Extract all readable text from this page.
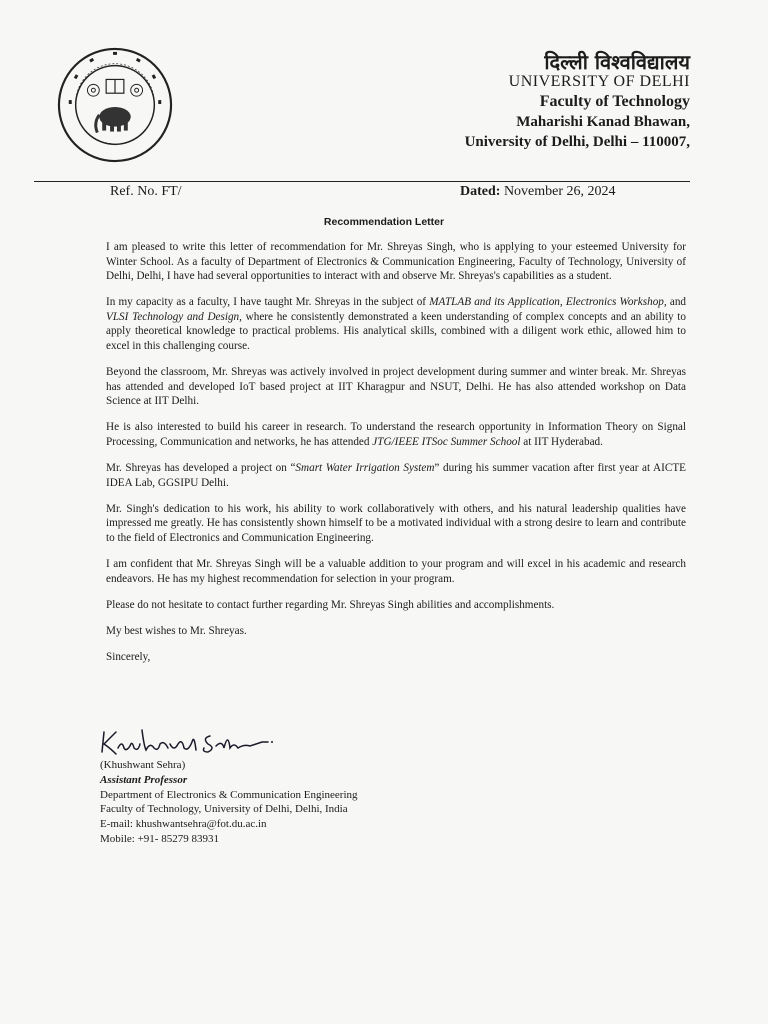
दिल्ली विश्वविद्यालय
UNIVERSITY OF DELHI
Faculty of Technology
Maharishi Kanad Bhawan,
University of Delhi, Delhi – 110007,
Ref. No. FT/	Dated: November 26, 2024
Recommendation Letter

I am pleased to write this letter of recommendation for Mr. Shreyas Singh, who is applying to your esteemed University for Winter School. As a faculty of Department of Electronics & Communication Engineering, Faculty of Technology, University of Delhi, Delhi, I have had several opportunities to interact with and observe Mr. Shreyas's capabilities as a student.

In my capacity as a faculty, I have taught Mr. Shreyas in the subject of MATLAB and its Application, Electronics Workshop, and VLSI Technology and Design, where he consistently demonstrated a keen understanding of complex concepts and an ability to apply theoretical knowledge to practical problems. His analytical skills, combined with a diligent work ethic, allowed him to excel in this challenging course.

Beyond the classroom, Mr. Shreyas was actively involved in project development during summer and winter break. Mr. Shreyas has attended and developed IoT based project at IIT Kharagpur and NSUT, Delhi. He has also attended workshop on Data Science at IIT Delhi.

He is also interested to build his career in research. To understand the research opportunity in Information Theory on Signal Processing, Communication and networks, he has attended JTG/IEEE ITSoc Summer School at IIT Hyderabad.

Mr. Shreyas has developed a project on “Smart Water Irrigation System” during his summer vacation after first year at AICTE IDEA Lab, GGSIPU Delhi.

Mr. Singh's dedication to his work, his ability to work collaboratively with others, and his natural leadership qualities have impressed me greatly. He has consistently shown himself to be a motivated individual with a strong desire to learn and contribute to the field of Electronics and Communication Engineering.

I am confident that Mr. Shreyas Singh will be a valuable addition to your program and will excel in his academic and research endeavors. He has my highest recommendation for selection in your program.

Please do not hesitate to contact further regarding Mr. Shreyas Singh abilities and accomplishments.

My best wishes to Mr. Shreyas.

Sincerely,

(Khushwant Sehra)
Assistant Professor
Department of Electronics & Communication Engineering
Faculty of Technology, University of Delhi, Delhi, India
E-mail: khushwantsehra@fot.du.ac.in
Mobile: +91- 85279 83931
